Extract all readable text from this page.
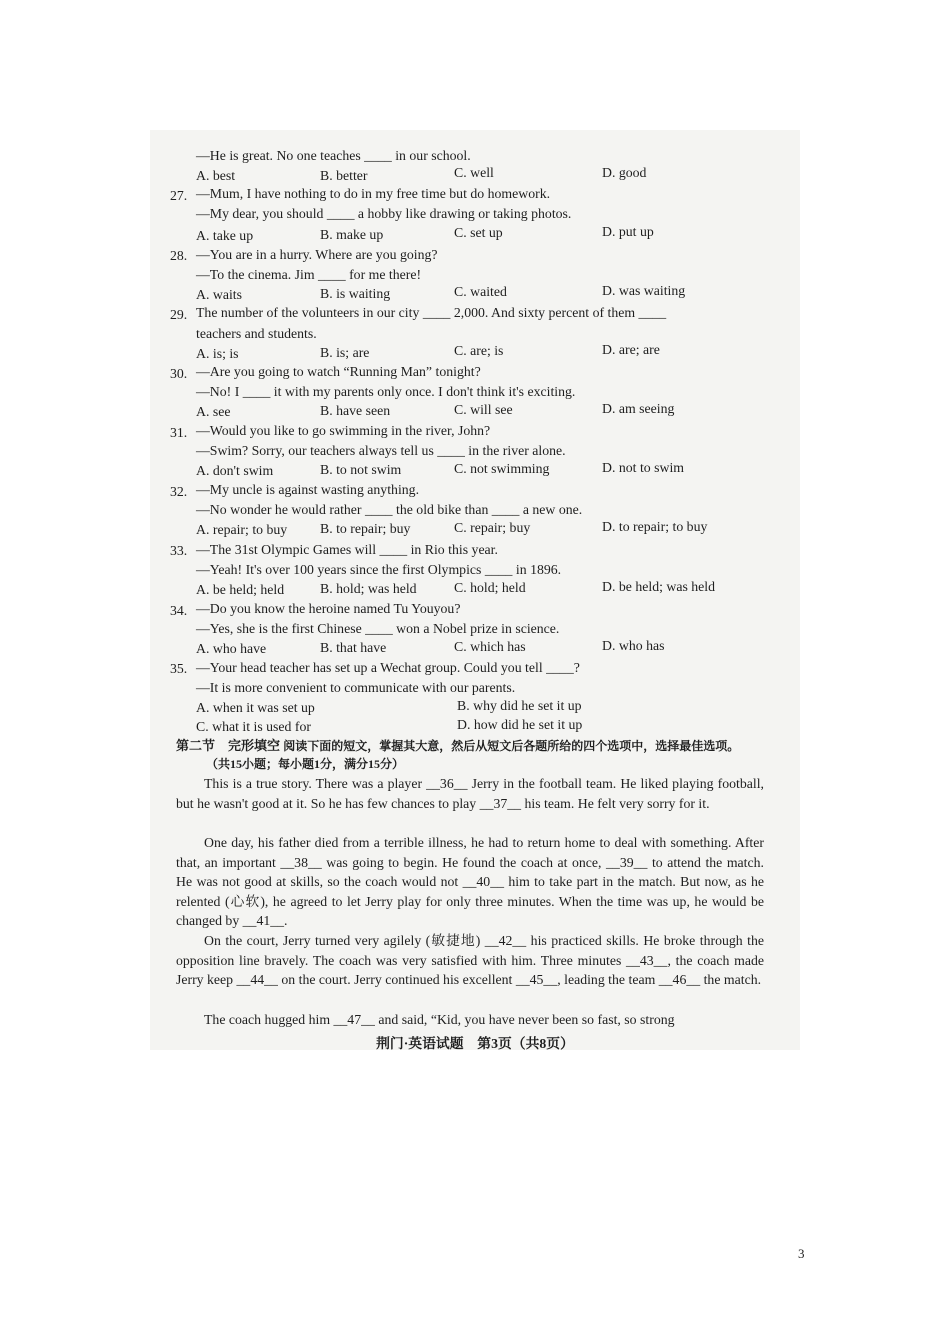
—He is great. No one teaches ____ in our school.
A. best	B. better	C. well	D. good
27. —Mum, I have nothing to do in my free time but do homework.
—My dear, you should ____ a hobby like drawing or taking photos.
A. take up	B. make up	C. set up	D. put up
28. —You are in a hurry. Where are you going?
—To the cinema. Jim ____ for me there!
A. waits	B. is waiting	C. waited	D. was waiting
29. The number of the volunteers in our city ____ 2,000. And sixty percent of them ____
teachers and students.
A. is; is	B. is; are	C. are; is	D. are; are
30. —Are you going to watch “Running Man” tonight?
—No! I ____ it with my parents only once. I don't think it's exciting.
A. see	B. have seen	C. will see	D. am seeing
31. —Would you like to go swimming in the river, John?
—Swim? Sorry, our teachers always tell us ____ in the river alone.
A. don't swim	B. to not swim	C. not swimming	D. not to swim
32. —My uncle is against wasting anything.
—No wonder he would rather ____ the old bike than ____ a new one.
A. repair; to buy B. to repair; buy	C. repair; buy	D. to repair; to buy
33. —The 31st Olympic Games will ____ in Rio this year.
—Yeah! It's over 100 years since the first Olympics ____ in 1896.
A. be held; held	B. hold; was held	C. hold; held	D. be held; was held
34. —Do you know the heroine named Tu Youyou?
—Yes, she is the first Chinese ____ won a Nobel prize in science.
A. who have	B. that have	C. which has	D. who has
35. —Your head teacher has set up a Wechat group. Could you tell ____?
—It is more convenient to communicate with our parents.
A. when it was set up	B. why did he set it up
C. what it is used for	D. how did he set it up
第二节　完形填空 阅读下面的短文，掌握其大意，然后从短文后各题所给的四个选项中，选择最佳选项。
（共15小题；每小题1分，满分15分）
This is a true story. There was a player __36__ Jerry in the football team. He liked playing football, but he wasn't good at it. So he has few chances to play __37__ his team. He felt very sorry for it.
One day, his father died from a terrible illness, he had to return home to deal with something. After that, an important __38__ was going to begin. He found the coach at once, __39__ to attend the match. He was not good at skills, so the coach would not __40__ him to take part in the match. But now, as he relented (心软), he agreed to let Jerry play for only three minutes. When the time was up, he would be changed by __41__.
On the court, Jerry turned very agilely (敏捷地) __42__ his practiced skills. He broke through the opposition line bravely. The coach was very satisfied with him. Three minutes __43__, the coach made Jerry keep __44__ on the court. Jerry continued his excellent __45__, leading the team __46__ the match.
The coach hugged him __47__ and said, “Kid, you have never been so fast, so strong
荆门·英语试题　第3页（共8页）
3
